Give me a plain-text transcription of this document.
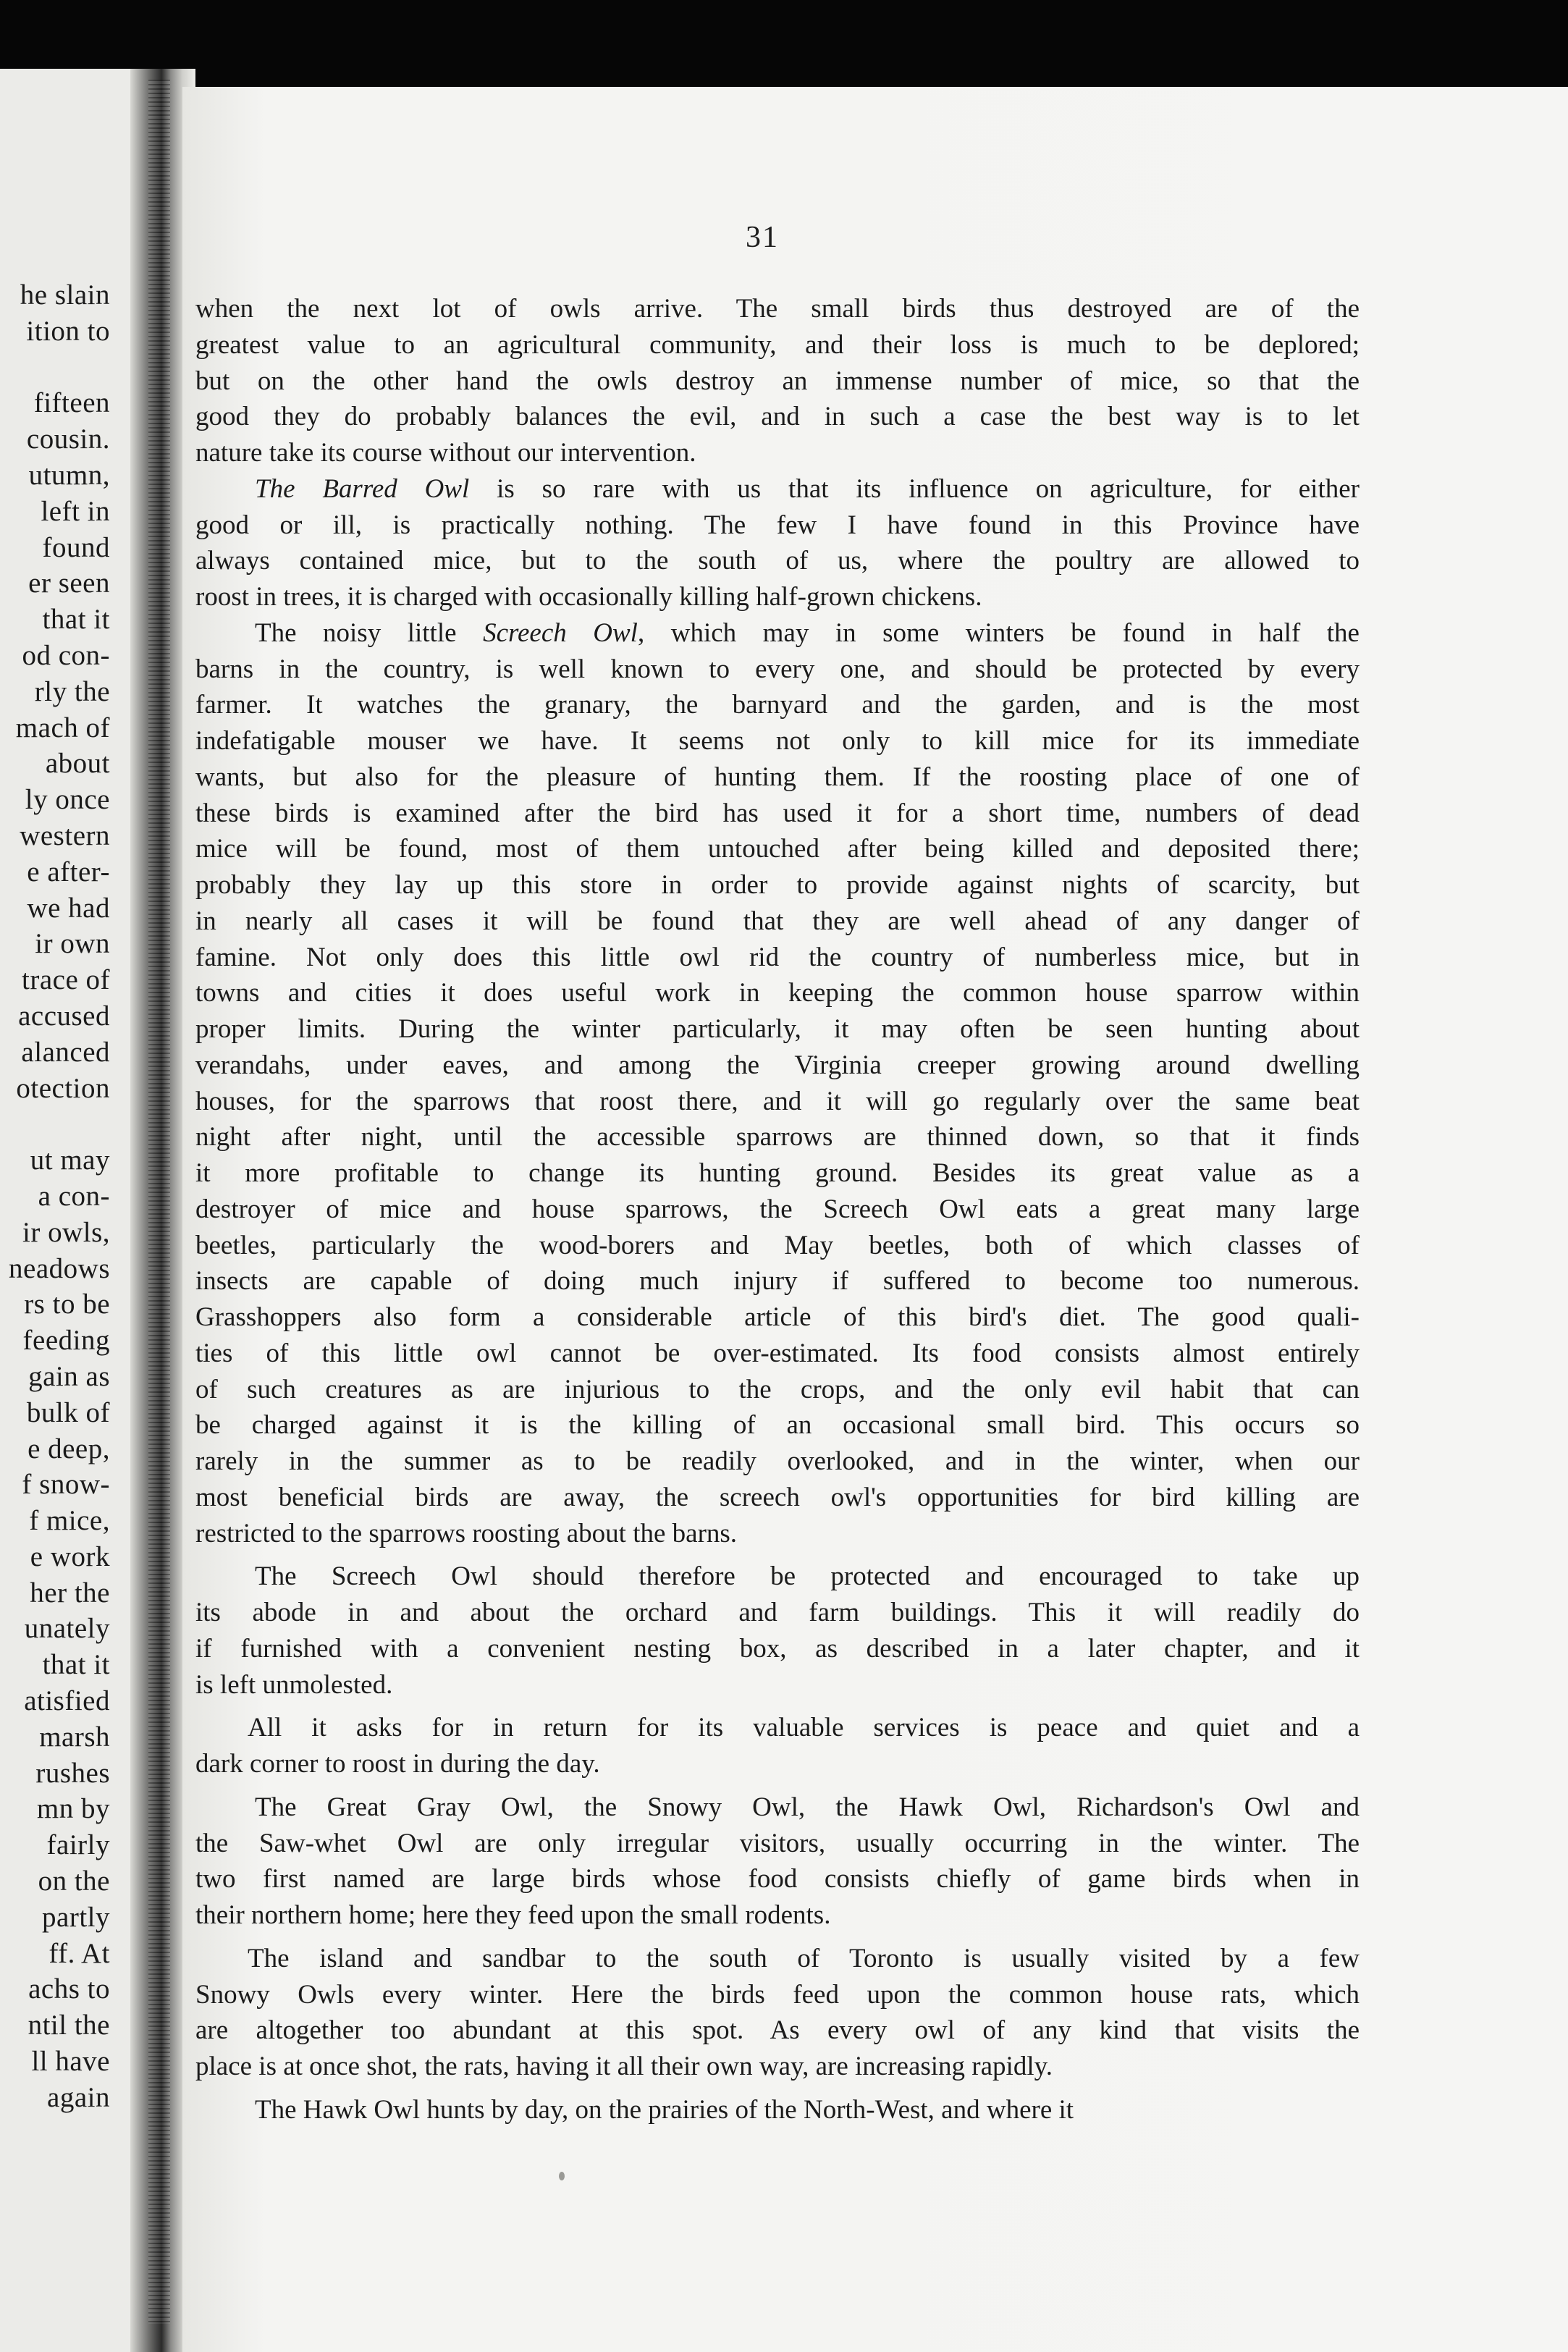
he slain
ition to
fifteen
cousin.
utumn,
left in
found
er seen
that it
od con-
rly the
mach of
about
ly once
western
e after-
we had
ir own
trace of
accused
alanced
otection
ut may
a con-
ir owls,
neadows
rs to be
feeding
gain as
bulk of
e deep,
f snow-
f mice,
e work
her the
unately
that it
atisfied
marsh
rushes
mn by
fairly
on the
partly
ff. At
achs to
ntil the
ll have
again
31
when the next lot of owls arrive. The small birds thus destroyed are of the
greatest value to an agricultural community, and their loss is much to be deplored;
but on the other hand the owls destroy an immense number of mice, so that the
good they do probably balances the evil, and in such a case the best way is to let
nature take its course without our intervention.
The Barred Owl is so rare with us that its influence on agriculture, for either
good or ill, is practically nothing. The few I have found in this Province have
always contained mice, but to the south of us, where the poultry are allowed to
roost in trees, it is charged with occasionally killing half-grown chickens.
The noisy little Screech Owl, which may in some winters be found in half the
barns in the country, is well known to every one, and should be protected by every
farmer. It watches the granary, the barnyard and the garden, and is the most
indefatigable mouser we have. It seems not only to kill mice for its immediate
wants, but also for the pleasure of hunting them. If the roosting place of one of
these birds is examined after the bird has used it for a short time, numbers of dead
mice will be found, most of them untouched after being killed and deposited there;
probably they lay up this store in order to provide against nights of scarcity, but
in nearly all cases it will be found that they are well ahead of any danger of
famine. Not only does this little owl rid the country of numberless mice, but in
towns and cities it does useful work in keeping the common house sparrow within
proper limits. During the winter particularly, it may often be seen hunting about
verandahs, under eaves, and among the Virginia creeper growing around dwelling
houses, for the sparrows that roost there, and it will go regularly over the same beat
night after night, until the accessible sparrows are thinned down, so that it finds
it more profitable to change its hunting ground. Besides its great value as a
destroyer of mice and house sparrows, the Screech Owl eats a great many large
beetles, particularly the wood-borers and May beetles, both of which classes of
insects are capable of doing much injury if suffered to become too numerous.
Grasshoppers also form a considerable article of this bird's diet. The good quali-
ties of this little owl cannot be over-estimated. Its food consists almost entirely
of such creatures as are injurious to the crops, and the only evil habit that can
be charged against it is the killing of an occasional small bird. This occurs so
rarely in the summer as to be readily overlooked, and in the winter, when our
most beneficial birds are away, the screech owl's opportunities for bird killing are
restricted to the sparrows roosting about the barns.
The Screech Owl should therefore be protected and encouraged to take up
its abode in and about the orchard and farm buildings. This it will readily do
if furnished with a convenient nesting box, as described in a later chapter, and it
is left unmolested.
All it asks for in return for its valuable services is peace and quiet and a
dark corner to roost in during the day.
The Great Gray Owl, the Snowy Owl, the Hawk Owl, Richardson's Owl and
the Saw-whet Owl are only irregular visitors, usually occurring in the winter. The
two first named are large birds whose food consists chiefly of game birds when in
their northern home; here they feed upon the small rodents.
The island and sandbar to the south of Toronto is usually visited by a few
Snowy Owls every winter. Here the birds feed upon the common house rats, which
are altogether too abundant at this spot. As every owl of any kind that visits the
place is at once shot, the rats, having it all their own way, are increasing rapidly.
The Hawk Owl hunts by day, on the prairies of the North-West, and where it
